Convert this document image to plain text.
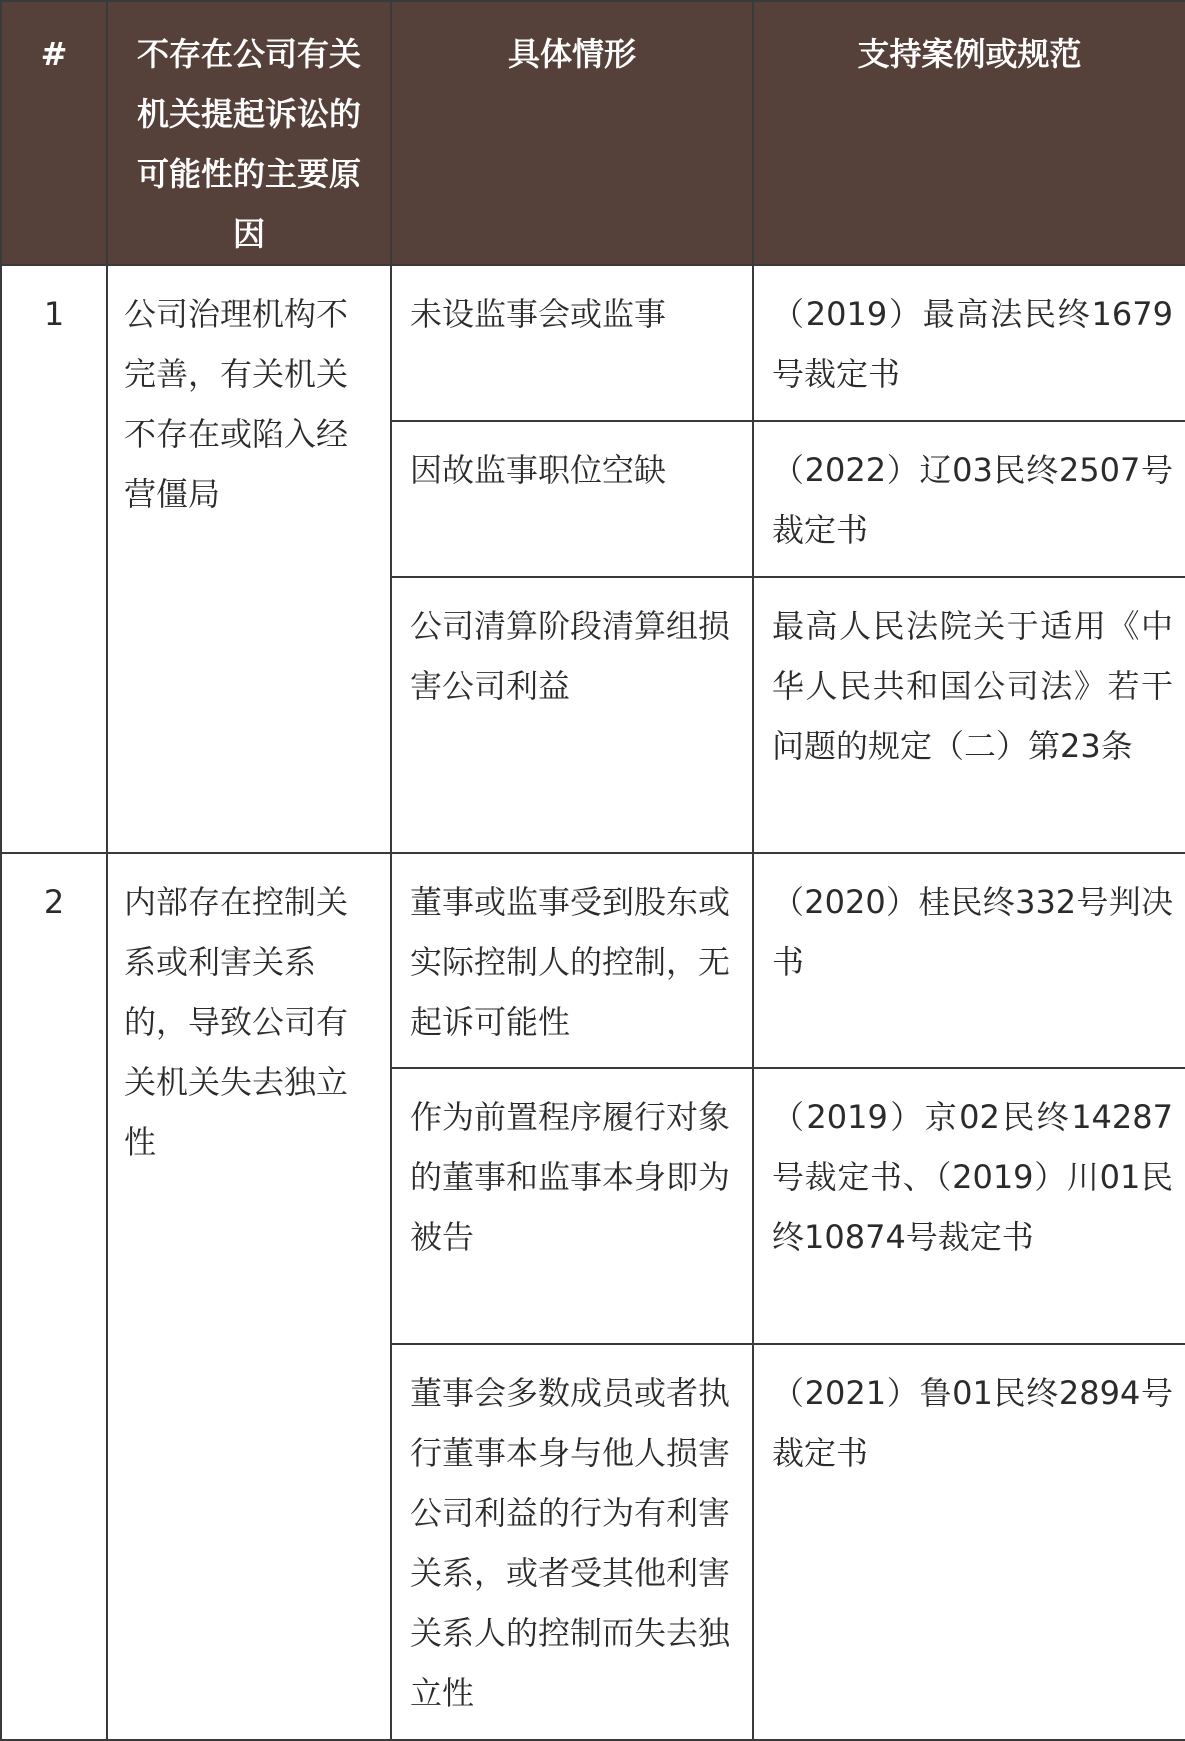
#	不存在公司有关机关提起诉讼的可能性的主要原因	具体情形	支持案例或规范

1	公司治理机构不完善，有关机关不存在或陷入经营僵局	未设监事会或监事	（2019）最高法民终1679号裁定书

		因故监事职位空缺	（2022）辽03民终2507号裁定书

		公司清算阶段清算组损害公司利益	最高人民法院关于适用《中华人民共和国公司法》若干问题的规定（二）第23条

2	内部存在控制关系或利害关系的，导致公司有关机关失去独立性	董事或监事受到股东或实际控制人的控制，无起诉可能性	（2020）桂民终332号判决书

		作为前置程序履行对象的董事和监事本身即为被告	（2019）京02民终14287号裁定书、（2019）川01民终10874号裁定书

		董事会多数成员或者执行董事本身与他人损害公司利益的行为有利害关系，或者受其他利害关系人的控制而失去独立性	（2021）鲁01民终2894号裁定书
